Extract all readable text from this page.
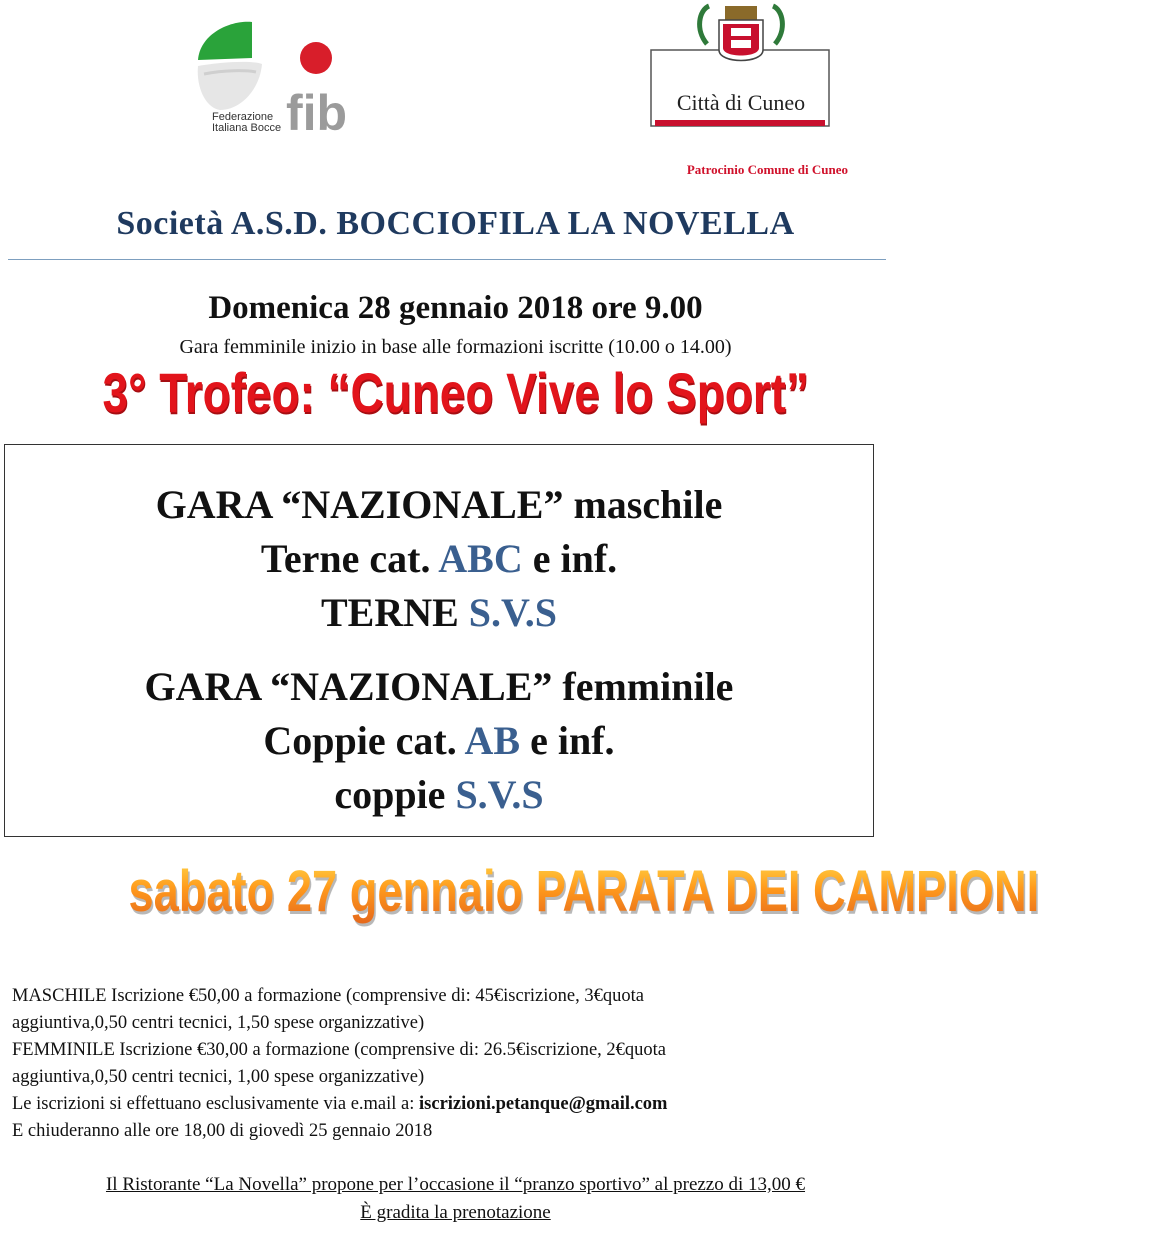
fib
Federazione
Italiana Bocce
Città di Cuneo
Patrocinio Comune di Cuneo
Società A.S.D. BOCCIOFILA LA NOVELLA
Domenica 28 gennaio 2018 ore 9.00
Gara femminile inizio in base alle formazioni iscritte (10.00 o 14.00)
3° Trofeo: “Cuneo Vive lo Sport”
GARA “NAZIONALE” maschile
Terne cat. ABC e inf.
TERNE S.V.S
GARA “NAZIONALE” femminile
Coppie cat. AB e inf.
coppie S.V.S
sabato 27 gennaio PARATA DEI CAMPIONI

MASCHILE Iscrizione €50,00 a formazione (comprensive di: 45€iscrizione, 3€quota

aggiuntiva,0,50 centri tecnici, 1,50 spese organizzative)

FEMMINILE Iscrizione €30,00 a formazione (comprensive di: 26.5€iscrizione, 2€quota

aggiuntiva,0,50 centri tecnici, 1,00 spese organizzative)

Le iscrizioni si effettuano esclusivamente via e.mail a: iscrizioni.petanque@gmail.com

E chiuderanno alle ore 18,00 di giovedì 25 gennaio 2018

Il Ristorante “La Novella” propone per l’occasione il “pranzo sportivo” al prezzo di 13,00 €

È gradita la prenotazione
